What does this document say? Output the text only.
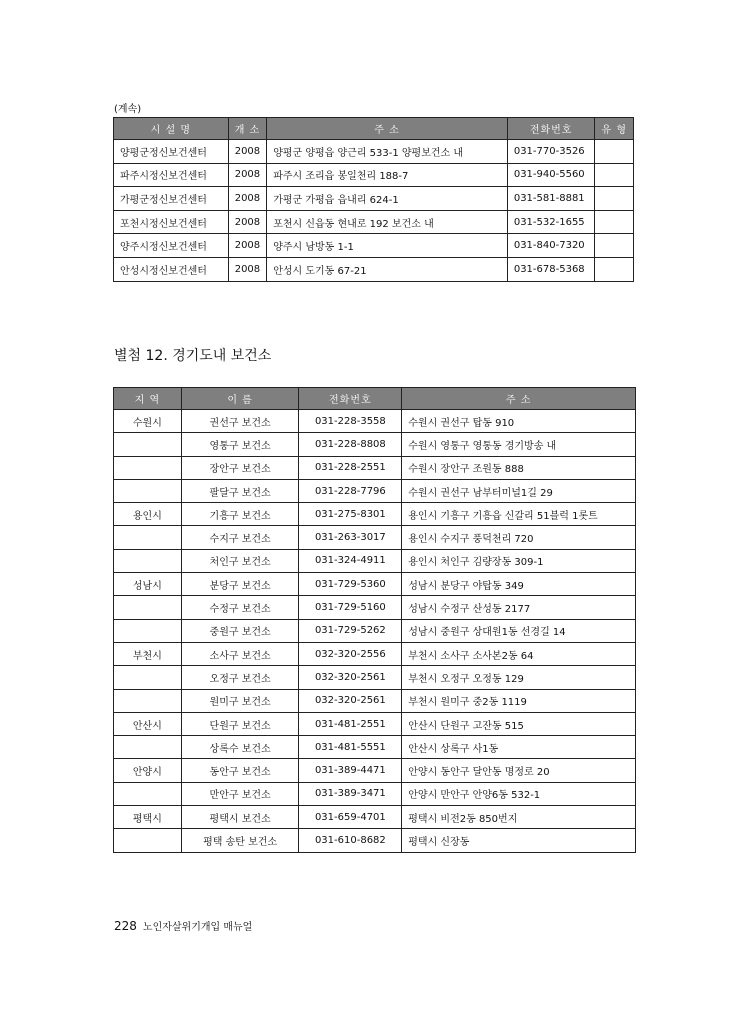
(계속)
시 설 명	개 소	주 소	전화번호	유 형
양평군정신보건센터	2008	양평군 양평읍 양근리 533-1 양평보건소 내	031-770-3526	
파주시정신보건센터	2008	파주시 조리읍 봉일천리 188-7	031-940-5560	
가평군정신보건센터	2008	가평군 가평읍 읍내리 624-1	031-581-8881	
포천시정신보건센터	2008	포천시 신읍동 현내로 192 보건소 내	031-532-1655	
양주시정신보건센터	2008	양주시 남방동 1-1	031-840-7320	
안성시정신보건센터	2008	안성시 도기동 67-21	031-678-5368	
별첨 12. 경기도내 보건소
지 역	이 름	전화번호	주 소
수원시	권선구 보건소	031-228-3558	수원시 권선구 탑동 910
	영통구 보건소	031-228-8808	수원시 영통구 영통동 경기방송 내
	장안구 보건소	031-228-2551	수원시 장안구 조원동 888
	팔달구 보건소	031-228-7796	수원시 권선구 남부터미널1길 29
용인시	기흥구 보건소	031-275-8301	용인시 기흥구 기흥읍 신갈리 51블럭 1롯트
	수지구 보건소	031-263-3017	용인시 수지구 풍덕천리 720
	처인구 보건소	031-324-4911	용인시 처인구 김량장동 309-1
성남시	분당구 보건소	031-729-5360	성남시 분당구 야탑동 349
	수정구 보건소	031-729-5160	성남시 수정구 산성동 2177
	중원구 보건소	031-729-5262	성남시 중원구 상대원1동 선경길 14
부천시	소사구 보건소	032-320-2556	부천시 소사구 소사본2동 64
	오정구 보건소	032-320-2561	부천시 오정구 오정동 129
	원미구 보건소	032-320-2561	부천시 원미구 중2동 1119
안산시	단원구 보건소	031-481-2551	안산시 단원구 고잔동 515
	상록수 보건소	031-481-5551	안산시 상록구 사1동
안양시	동안구 보건소	031-389-4471	안양시 동안구 달안동 명정로 20
	만안구 보건소	031-389-3471	안양시 만안구 안양6동 532-1
평택시	평택시 보건소	031-659-4701	평택시 비전2동 850번지
	평택 송탄 보건소	031-610-8682	평택시 신장동
228 노인자살위기개입 매뉴얼
